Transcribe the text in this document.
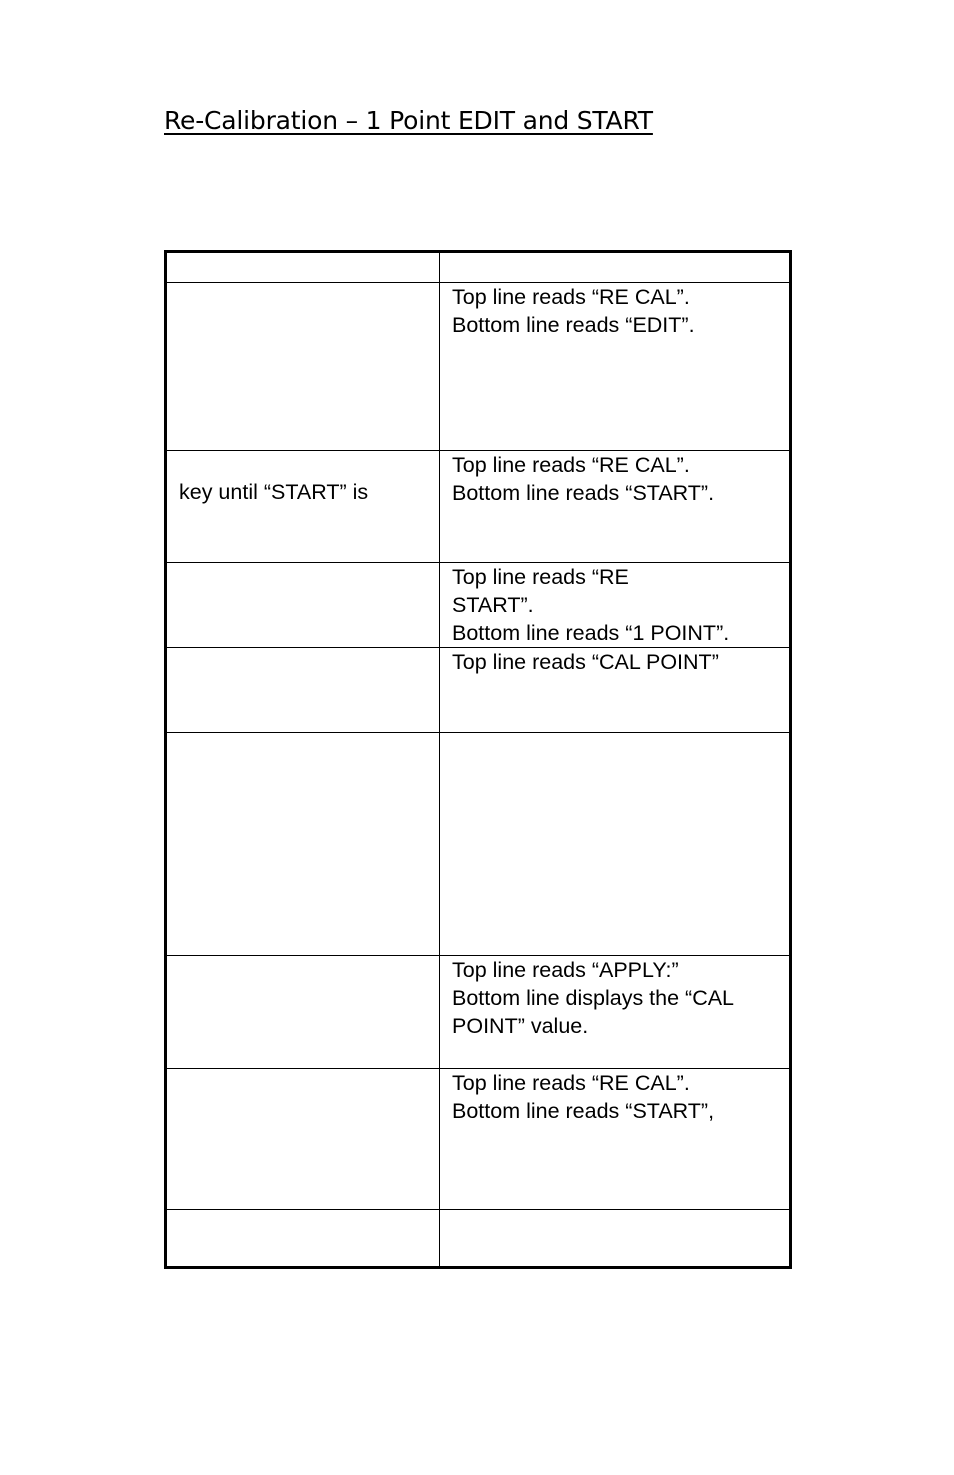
Re-Calibration – 1 Point EDIT and START

	Top line reads “RE CAL”.
Bottom line reads “EDIT”.

key until “START” is	Top line reads “RE CAL”.
Bottom line reads “START”.

	Top line reads “RE
START”.
Bottom line reads “1 POINT”.

	Top line reads “CAL POINT”

	Top line reads “APPLY:”
Bottom line displays the “CAL
POINT” value.

	Top line reads “RE CAL”.
Bottom line reads “START”,
